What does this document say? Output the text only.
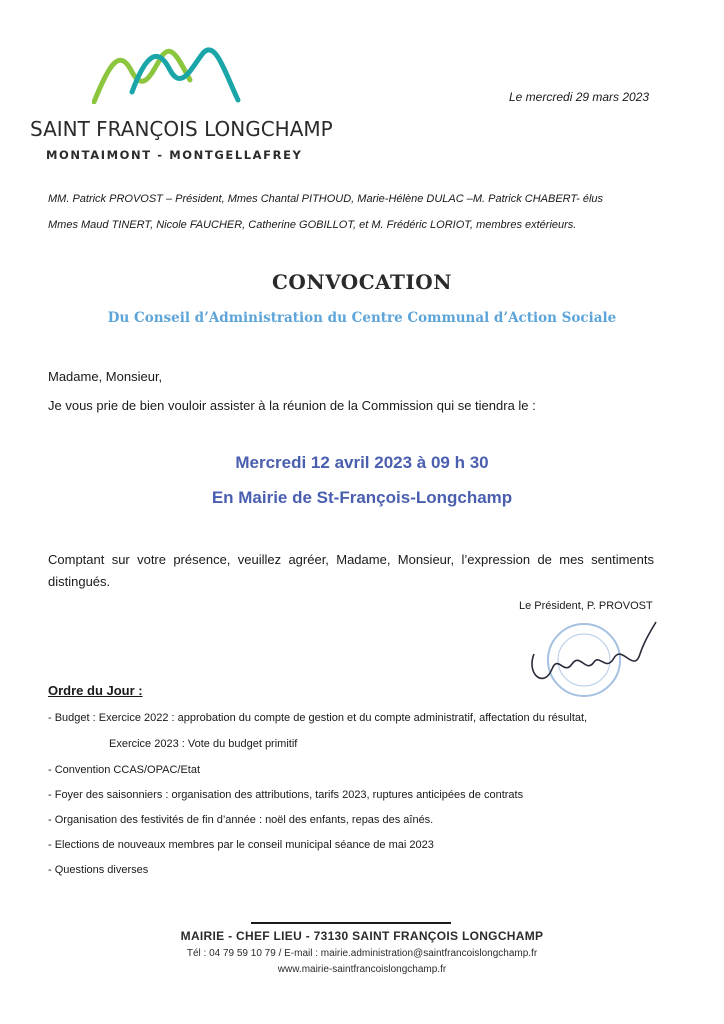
SAINT FRANÇOIS LONGCHAMP
MONTAIMONT - MONTGELLAFREY
Le mercredi 29 mars 2023
MM. Patrick PROVOST – Président, Mmes Chantal PITHOUD, Marie-Hélène DULAC –M. Patrick CHABERT- élus
Mmes Maud TINERT, Nicole FAUCHER, Catherine GOBILLOT, et M. Frédéric LORIOT, membres extérieurs.
CONVOCATION
Du Conseil d’Administration du Centre Communal d’Action Sociale
Madame, Monsieur,
Je vous prie de bien vouloir assister à la réunion de la Commission qui se tiendra le :
Mercredi 12 avril 2023 à 09 h 30
En Mairie de St-François-Longchamp
Comptant sur votre présence, veuillez agréer, Madame, Monsieur, l’expression de mes sentiments distingués.
Le Président, P. PROVOST
Ordre du Jour :
- Budget : Exercice 2022 : approbation du compte de gestion et du compte administratif, affectation du résultat,
Exercice 2023 : Vote du budget primitif
- Convention CCAS/OPAC/Etat
- Foyer des saisonniers : organisation des attributions, tarifs 2023, ruptures anticipées de contrats
- Organisation des festivités de fin d’année : noël des enfants, repas des aînés.
- Elections de nouveaux membres par le conseil municipal séance de mai 2023
- Questions diverses
MAIRIE - CHEF LIEU - 73130 SAINT FRANÇOIS LONGCHAMP
Tél : 04 79 59 10 79 / E-mail : mairie.administration@saintfrancoislongchamp.fr
www.mairie-saintfrancoislongchamp.fr
